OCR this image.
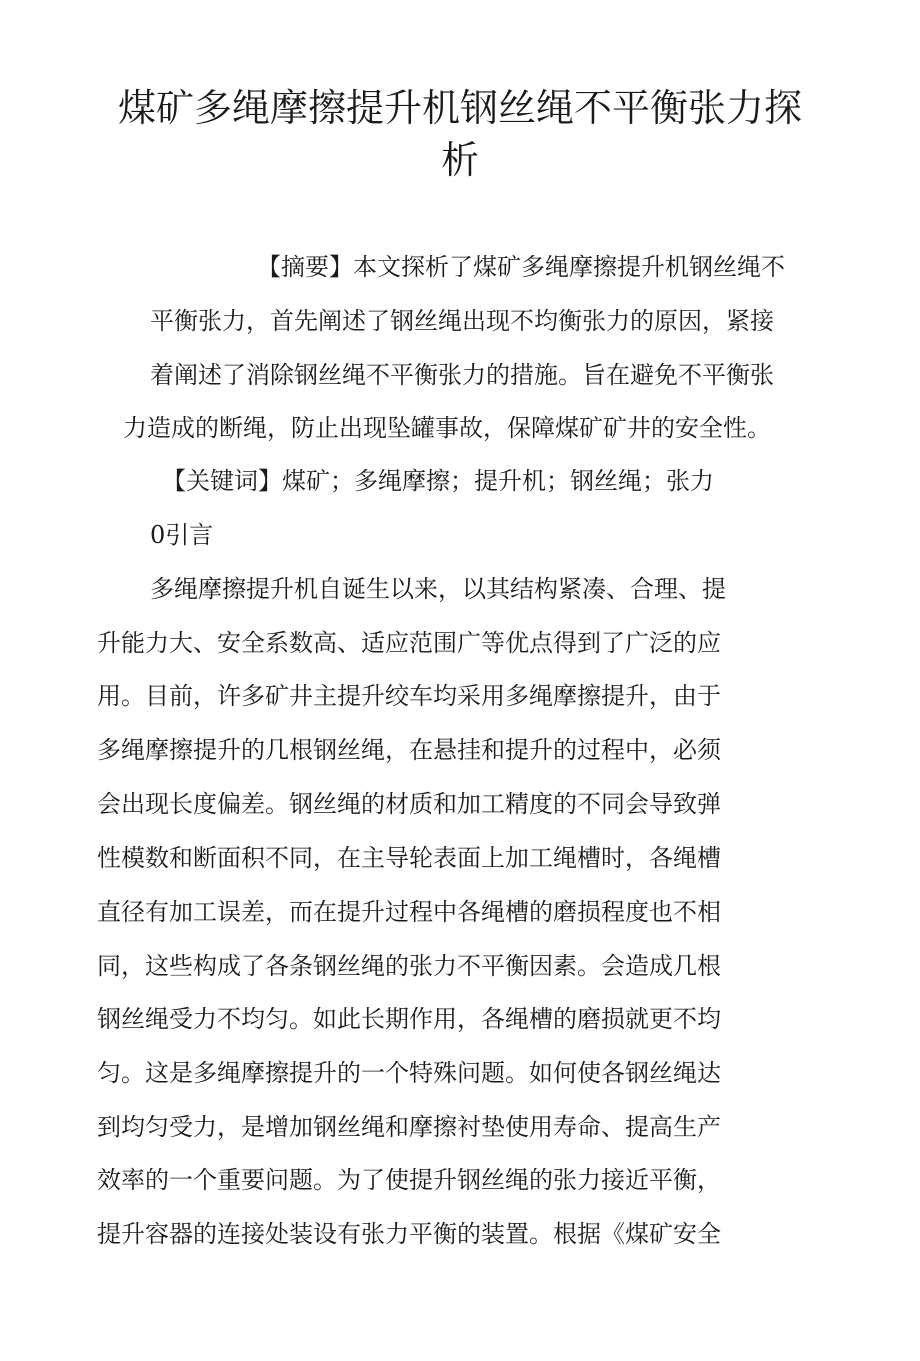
煤矿多绳摩擦提升机钢丝绳不平衡张力探
析

【摘要】本文探析了煤矿多绳摩擦提升机钢丝绳不

平衡张力，首先阐述了钢丝绳出现不均衡张力的原因，紧接

着阐述了消除钢丝绳不平衡张力的措施。旨在避免不平衡张

力造成的断绳，防止出现坠罐事故，保障煤矿矿井的安全性。

【关键词】煤矿；多绳摩擦；提升机；钢丝绳；张力

0引言

多绳摩擦提升机自诞生以来，以其结构紧凑、合理、提

升能力大、安全系数高、适应范围广等优点得到了广泛的应

用。目前，许多矿井主提升绞车均采用多绳摩擦提升，由于

多绳摩擦提升的几根钢丝绳，在悬挂和提升的过程中，必须

会出现长度偏差。钢丝绳的材质和加工精度的不同会导致弹

性模数和断面积不同，在主导轮表面上加工绳槽时，各绳槽

直径有加工误差，而在提升过程中各绳槽的磨损程度也不相

同，这些构成了各条钢丝绳的张力不平衡因素。会造成几根

钢丝绳受力不均匀。如此长期作用，各绳槽的磨损就更不均

匀。这是多绳摩擦提升的一个特殊问题。如何使各钢丝绳达

到均匀受力，是增加钢丝绳和摩擦衬垫使用寿命、提高生产

效率的一个重要问题。为了使提升钢丝绳的张力接近平衡，

提升容器的连接处装设有张力平衡的装置。根据《煤矿安全
